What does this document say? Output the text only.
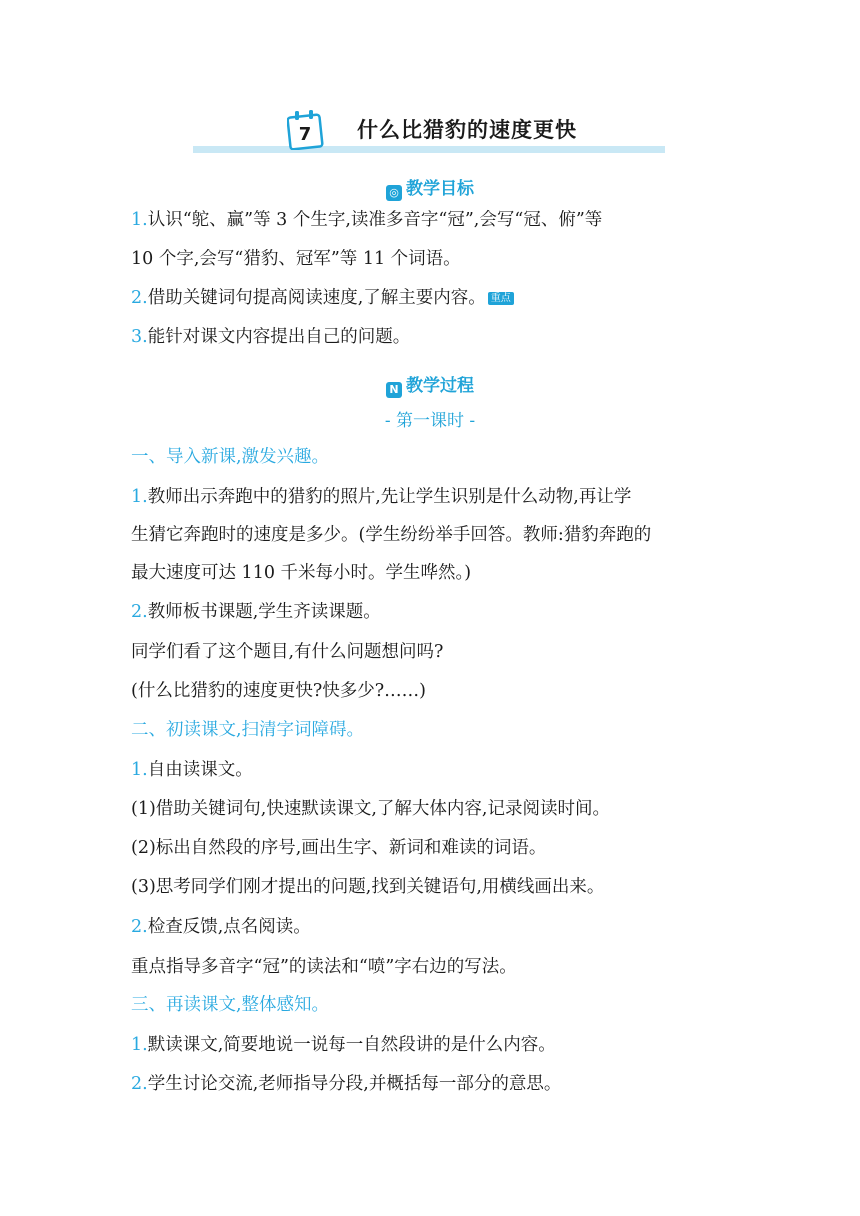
7 什么比猎豹的速度更快
◎ 教学目标
1.认识“鸵、赢”等 3 个生字,读准多音字“冠”,会写“冠、俯”等
10 个字,会写“猎豹、冠军”等 11 个词语。
2.借助关键词句提高阅读速度,了解主要内容。 重点
3.能针对课文内容提出自己的问题。
N 教学过程
- 第一课时 -
一、导入新课,激发兴趣。
1.教师出示奔跑中的猎豹的照片,先让学生识别是什么动物,再让学
生猜它奔跑时的速度是多少。(学生纷纷举手回答。教师:猎豹奔跑的
最大速度可达 110 千米每小时。学生哗然。)
2.教师板书课题,学生齐读课题。
同学们看了这个题目,有什么问题想问吗?
(什么比猎豹的速度更快?快多少?……)
二、初读课文,扫清字词障碍。
1.自由读课文。
(1)借助关键词句,快速默读课文,了解大体内容,记录阅读时间。
(2)标出自然段的序号,画出生字、新词和难读的词语。
(3)思考同学们刚才提出的问题,找到关键语句,用横线画出来。
2.检查反馈,点名阅读。
重点指导多音字“冠”的读法和“喷”字右边的写法。
三、再读课文,整体感知。
1.默读课文,简要地说一说每一自然段讲的是什么内容。
2.学生讨论交流,老师指导分段,并概括每一部分的意思。
